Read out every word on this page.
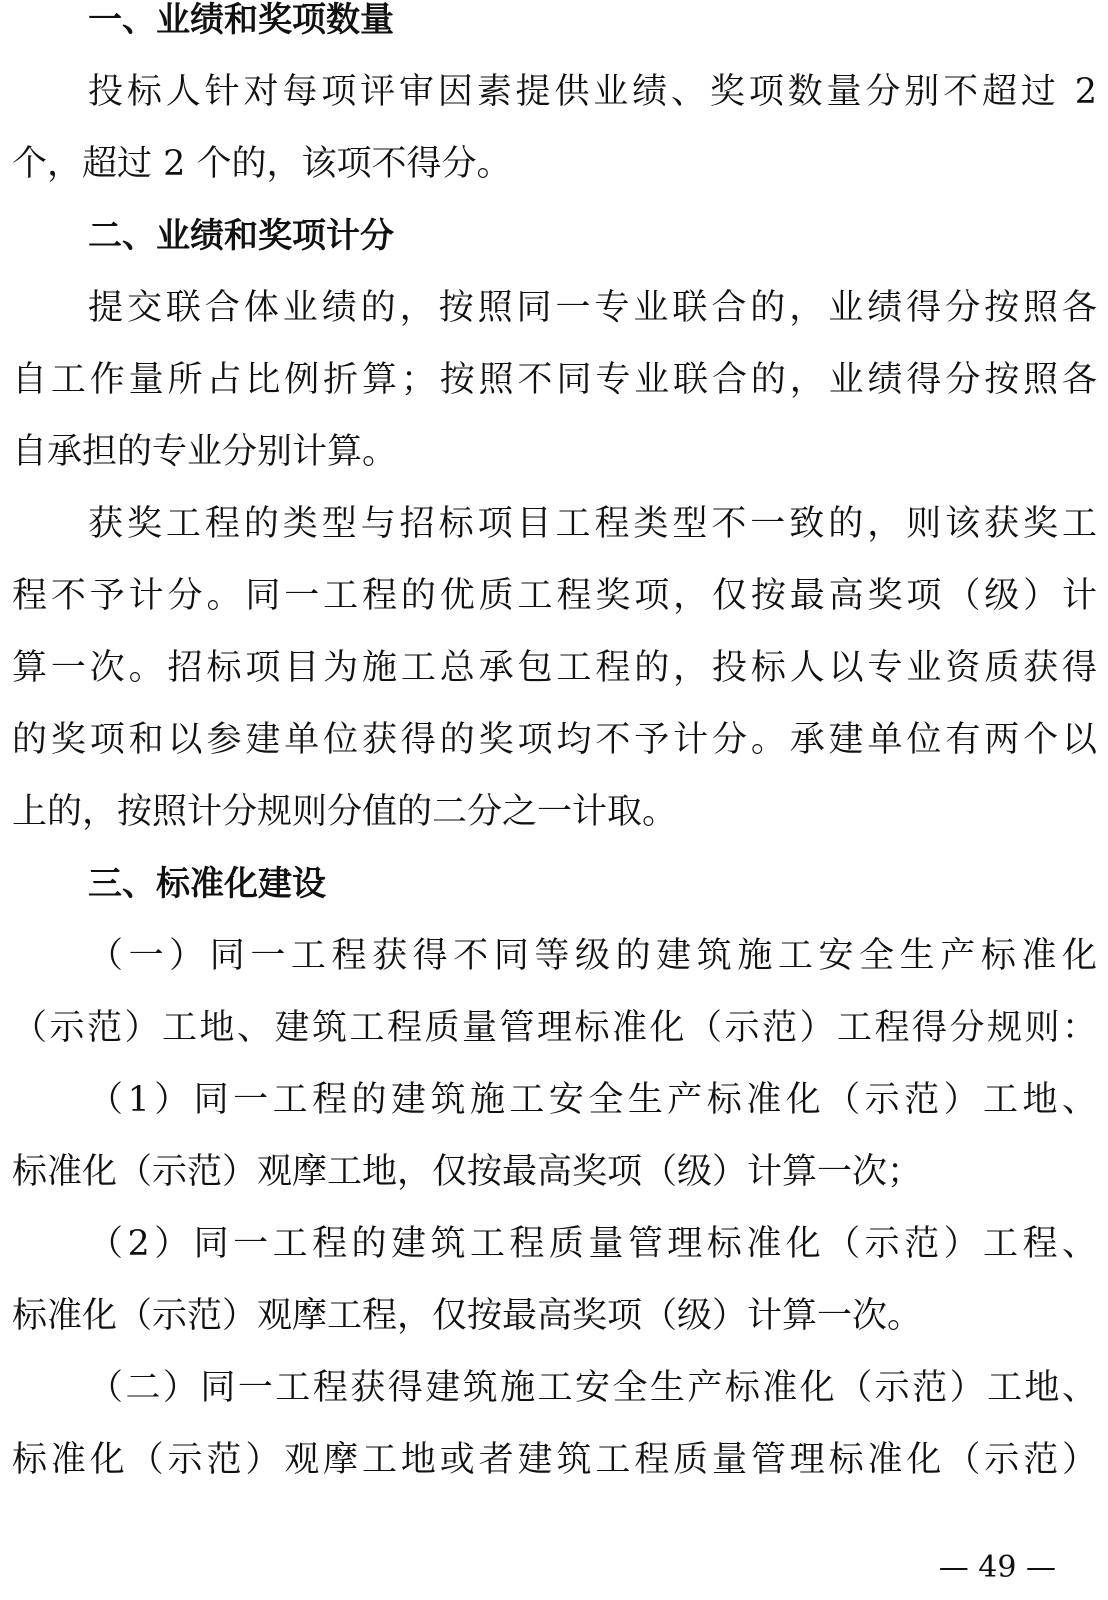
一、业绩和奖项数量
投标人针对每项评审因素提供业绩、奖项数量分别不超过 2
个，超过 2 个的，该项不得分。
二、业绩和奖项计分
提交联合体业绩的，按照同一专业联合的，业绩得分按照各
自工作量所占比例折算；按照不同专业联合的，业绩得分按照各
自承担的专业分别计算。
获奖工程的类型与招标项目工程类型不一致的，则该获奖工
程不予计分。同一工程的优质工程奖项，仅按最高奖项（级）计
算一次。招标项目为施工总承包工程的，投标人以专业资质获得
的奖项和以参建单位获得的奖项均不予计分。承建单位有两个以
上的，按照计分规则分值的二分之一计取。
三、标准化建设
（一）同一工程获得不同等级的建筑施工安全生产标准化
（示范）工地、建筑工程质量管理标准化（示范）工程得分规则：
（1）同一工程的建筑施工安全生产标准化（示范）工地、
标准化（示范）观摩工地，仅按最高奖项（级）计算一次；
（2）同一工程的建筑工程质量管理标准化（示范）工程、
标准化（示范）观摩工程，仅按最高奖项（级）计算一次。
（二）同一工程获得建筑施工安全生产标准化（示范）工地、
标准化（示范）观摩工地或者建筑工程质量管理标准化（示范）
— 49 —
